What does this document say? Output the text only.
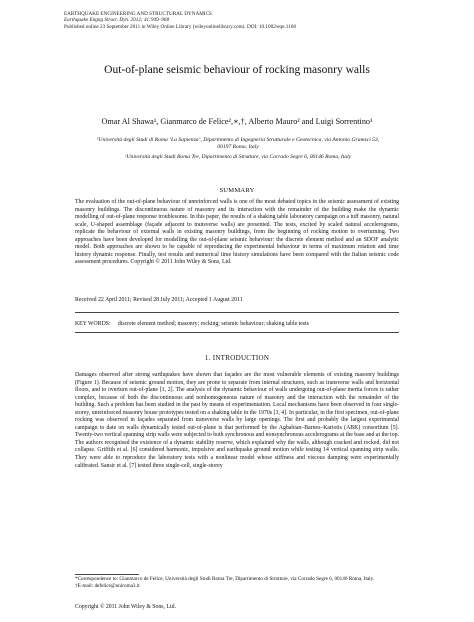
EARTHQUAKE ENGINEERING AND STRUCTURAL DYNAMICS
Earthquake Engng Struct. Dyn. 2012; 41:949–968
Published online 23 September 2011 in Wiley Online Library (wileyonlinelibrary.com). DOI: 10.1002/eqe.1168
Out-of-plane seismic behaviour of rocking masonry walls
Omar Al Shawa¹, Gianmarco de Felice²,∗,†, Alberto Mauro² and Luigi Sorrentino¹

¹Università degli Studi di Roma ‘La Sapienza’, Dipartimento di Ingegneria Strutturale e Geotecnica, via Antonio Gramsci 53, 00197 Roma, Italy

²Università degli Studi Roma Tre, Dipartimento di Strutture, via Corrado Segre 6, 00146 Roma, Italy

SUMMARY
The evaluation of the out-of-plane behaviour of unreinforced walls is one of the most debated topics in the seismic assessment of existing masonry buildings. The discontinuous nature of masonry and its interaction with the remainder of the building make the dynamic modelling of out-of-plane response troublesome. In this paper, the results of a shaking table laboratory campaign on a tuff masonry, natural scale, U-shaped assemblage (façade adjacent to transverse walls) are presented. The tests, excited by scaled natural accelerograms, replicate the behaviour of external walls in existing masonry buildings, from the beginning of rocking motion to overturning. Two approaches have been developed for modelling the out-of-plane seismic behaviour: the discrete element method and an SDOF analytic model. Both approaches are shown to be capable of reproducing the experimental behaviour in terms of maximum rotation and time history dynamic response. Finally, test results and numerical time history simulations have been compared with the Italian seismic code assessment procedures. Copyright © 2011 John Wiley & Sons, Ltd.
Received 22 April 2011; Revised 28 July 2011; Accepted 1 August 2011
KEY WORDS: discrete element method; masonry; rocking; seismic behaviour; shaking table tests
1. INTRODUCTION
Damages observed after strong earthquakes have shown that façades are the most vulnerable elements of existing masonry buildings (Figure 1). Because of seismic ground motion, they are prone to separate from internal structures, such as transverse walls and horizontal floors, and to overturn out-of-plane [1, 2]. The analysis of the dynamic behaviour of walls undergoing out-of-plane inertia forces is rather complex, because of both the discontinuous and nonhomogeneous nature of masonry and the interaction with the remainder of the building. Such a problem has been studied in the past by means of experimentation. Local mechanisms have been observed in four single-storey, unreinforced masonry house prototypes tested on a shaking table in the 1970s [3, 4]. In particular, in the first specimen, out-of-plane rocking was observed in façades separated from transverse walls by large openings. The first and probably the largest experimental campaign to date on walls dynamically tested out-of-plane is that performed by the Agbabian–Barnes–Kariotis (ABK) consortium [5]. Twenty-two vertical spanning strip walls were subjected to both synchronous and nonsynchronous accelerograms at the base and at the top. The authors recognised the existence of a dynamic stability reserve, which explained why the walls, although cracked and rocked, did not collapse. Griffith et al. [6] considered harmonic, impulsive and earthquake ground motion while testing 14 vertical spanning strip walls. They were able to reproduce the laboratory tests with a nonlinear model whose stiffness and viscous damping were experimentally calibrated. Sansir et al. [7] tested three single-cell, single-storey

*Correspondence to: Gianmarco de Felice, Università degli Studi Roma Tre, Dipartimento di Strutture, via Corrado Segre 6, 00146 Roma, Italy.

†E-mail: defelice@uniroma3.it

Copyright © 2011 John Wiley & Sons, Ltd.
